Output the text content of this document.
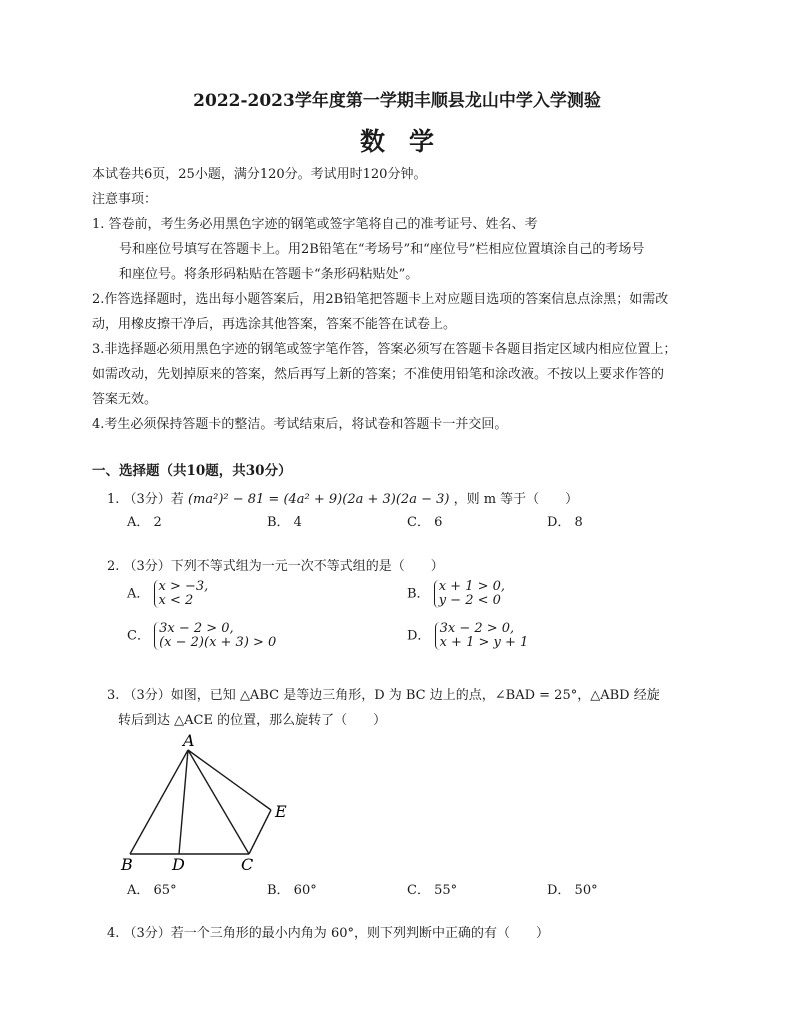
2022-2023学年度第一学期丰顺县龙山中学入学测验
数学
本试卷共6页，25小题，满分120分。考试用时120分钟。
注意事项：
1. 答卷前，考生务必用黑色字迹的钢笔或签字笔将自己的准考证号、姓名、考
号和座位号填写在答题卡上。用2B铅笔在“考场号”和“座位号”栏相应位置填涂自己的考场号
和座位号。将条形码粘贴在答题卡“条形码粘贴处”。
2.作答选择题时，选出每小题答案后，用2B铅笔把答题卡上对应题目选项的答案信息点涂黑；如需改
动，用橡皮擦干净后，再选涂其他答案，答案不能答在试卷上。
3.非选择题必须用黑色字迹的钢笔或签字笔作答，答案必须写在答题卡各题目指定区域内相应位置上；
如需改动，先划掉原来的答案，然后再写上新的答案；不准使用铅笔和涂改液。不按以上要求作答的
答案无效。
4.考生必须保持答题卡的整洁。考试结束后，将试卷和答题卡一并交回。
一、选择题（共10题，共30分）
1. （3分）若 (ma²)² − 81 = (4a² + 9)(2a + 3)(2a − 3) ，则 m 等于（　　）
A． 2	B． 4	C． 6	D． 8
2. （3分）下列不等式组为一元一次不等式组的是（　　）
A． x > −3,
x < 2	B． x + 1 > 0,
y − 2 < 0
C． 3x − 2 > 0,
(x − 2)(x + 3) > 0	D． 3x − 2 > 0,
x + 1 > y + 1
3. （3分）如图，已知 △ABC 是等边三角形，D 为 BC 边上的点，∠BAD = 25°，△ABD 经旋
转后到达 △ACE 的位置，那么旋转了（　　）
A
B D	C
E
A． 65°	B． 60°	C． 55°	D． 50°
4. （3分）若一个三角形的最小内角为 60°，则下列判断中正确的有（　　）
